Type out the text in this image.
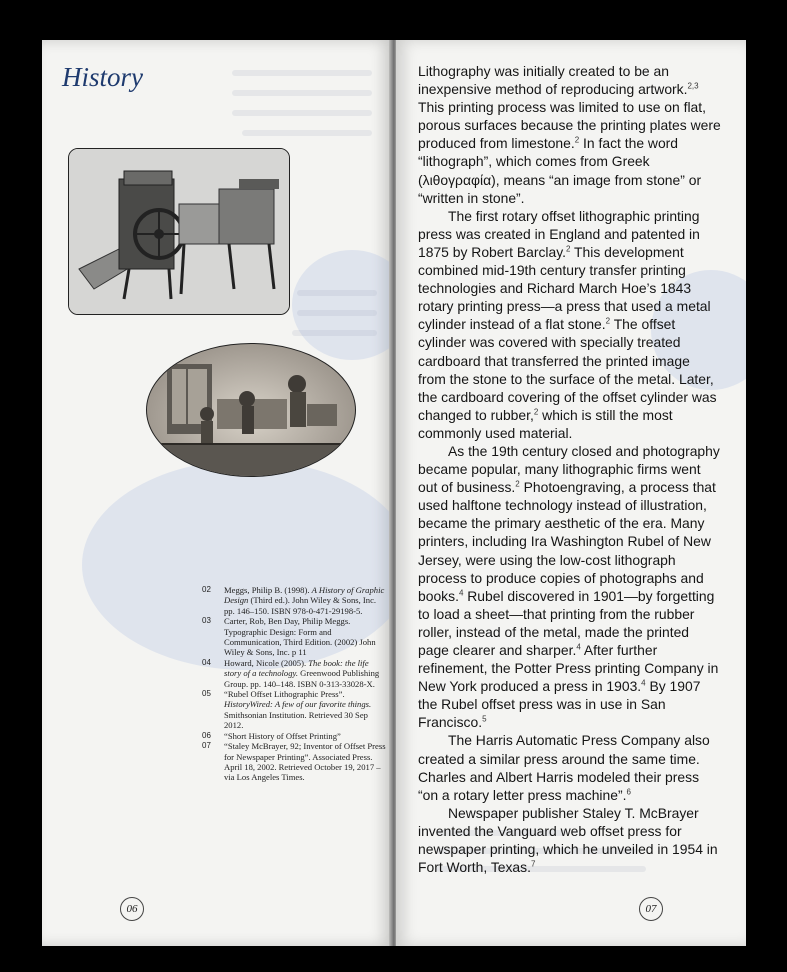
History
02	Meggs, Philip B. (1998). A History of Graphic Design (Third ed.). John Wiley & Sons, Inc. pp. 146–150. ISBN 978-0-471-29198-5.
03	Carter, Rob, Ben Day, Philip Meggs. Typographic Design: Form and Communication, Third Edition. (2002) John Wiley & Sons, Inc. p 11
04	Howard, Nicole (2005). The book: the life story of a technology. Greenwood Publishing Group. pp. 140–148. ISBN 0-313-33028-X.
05	“Rubel Offset Lithographic Press”. HistoryWired: A few of our favorite things. Smithsonian Institution. Retrieved 30 Sep 2012.
06	“Short History of Offset Printing”
07	“Staley McBrayer, 92; Inventor of Offset Press for Newspaper Printing”. Associated Press. April 18, 2002. Retrieved October 19, 2017 – via Los Angeles Times.
06

Lithography was initially created to be an inexpensive method of reproducing artwork.$^{2,3}$ This printing process was limited to use on flat, porous surfaces because the printing plates were produced from limestone.$^2$ In fact the word “lithograph”, which comes from Greek (λιθογραφία), means “an image from stone” or “written in stone”.

The first rotary offset lithographic printing press was created in England and patented in 1875 by Robert Barclay.$^2$ This development combined mid-19th century transfer printing technologies and Richard March Hoe’s 1843 rotary printing press—a press that used a metal cylinder instead of a flat stone.$^2$ The offset cylinder was covered with specially treated cardboard that transferred the printed image from the stone to the surface of the metal. Later, the cardboard covering of the offset cylinder was changed to rubber,$^2$ which is still the most commonly used material.

As the 19th century closed and photography became popular, many lithographic firms went out of business.$^2$ Photoengraving, a process that used halftone technology instead of illustration, became the primary aesthetic of the era. Many printers, including Ira Washington Rubel of New Jersey, were using the low-cost lithograph process to produce copies of photographs and books.$^4$ Rubel discovered in 1901—by forgetting to load a sheet—that printing from the rubber roller, instead of the metal, made the printed page clearer and sharper.$^4$ After further refinement, the Potter Press printing Company in New York produced a press in 1903.$^4$ By 1907 the Rubel offset press was in use in San Francisco.$^5$

The Harris Automatic Press Company also created a similar press around the same time. Charles and Albert Harris modeled their press “on a rotary letter press machine”.$^6$

Newspaper publisher Staley T. McBrayer invented the Vanguard web offset press for newspaper printing, which he unveiled in 1954 in Fort Worth, Texas.$^7$

07
